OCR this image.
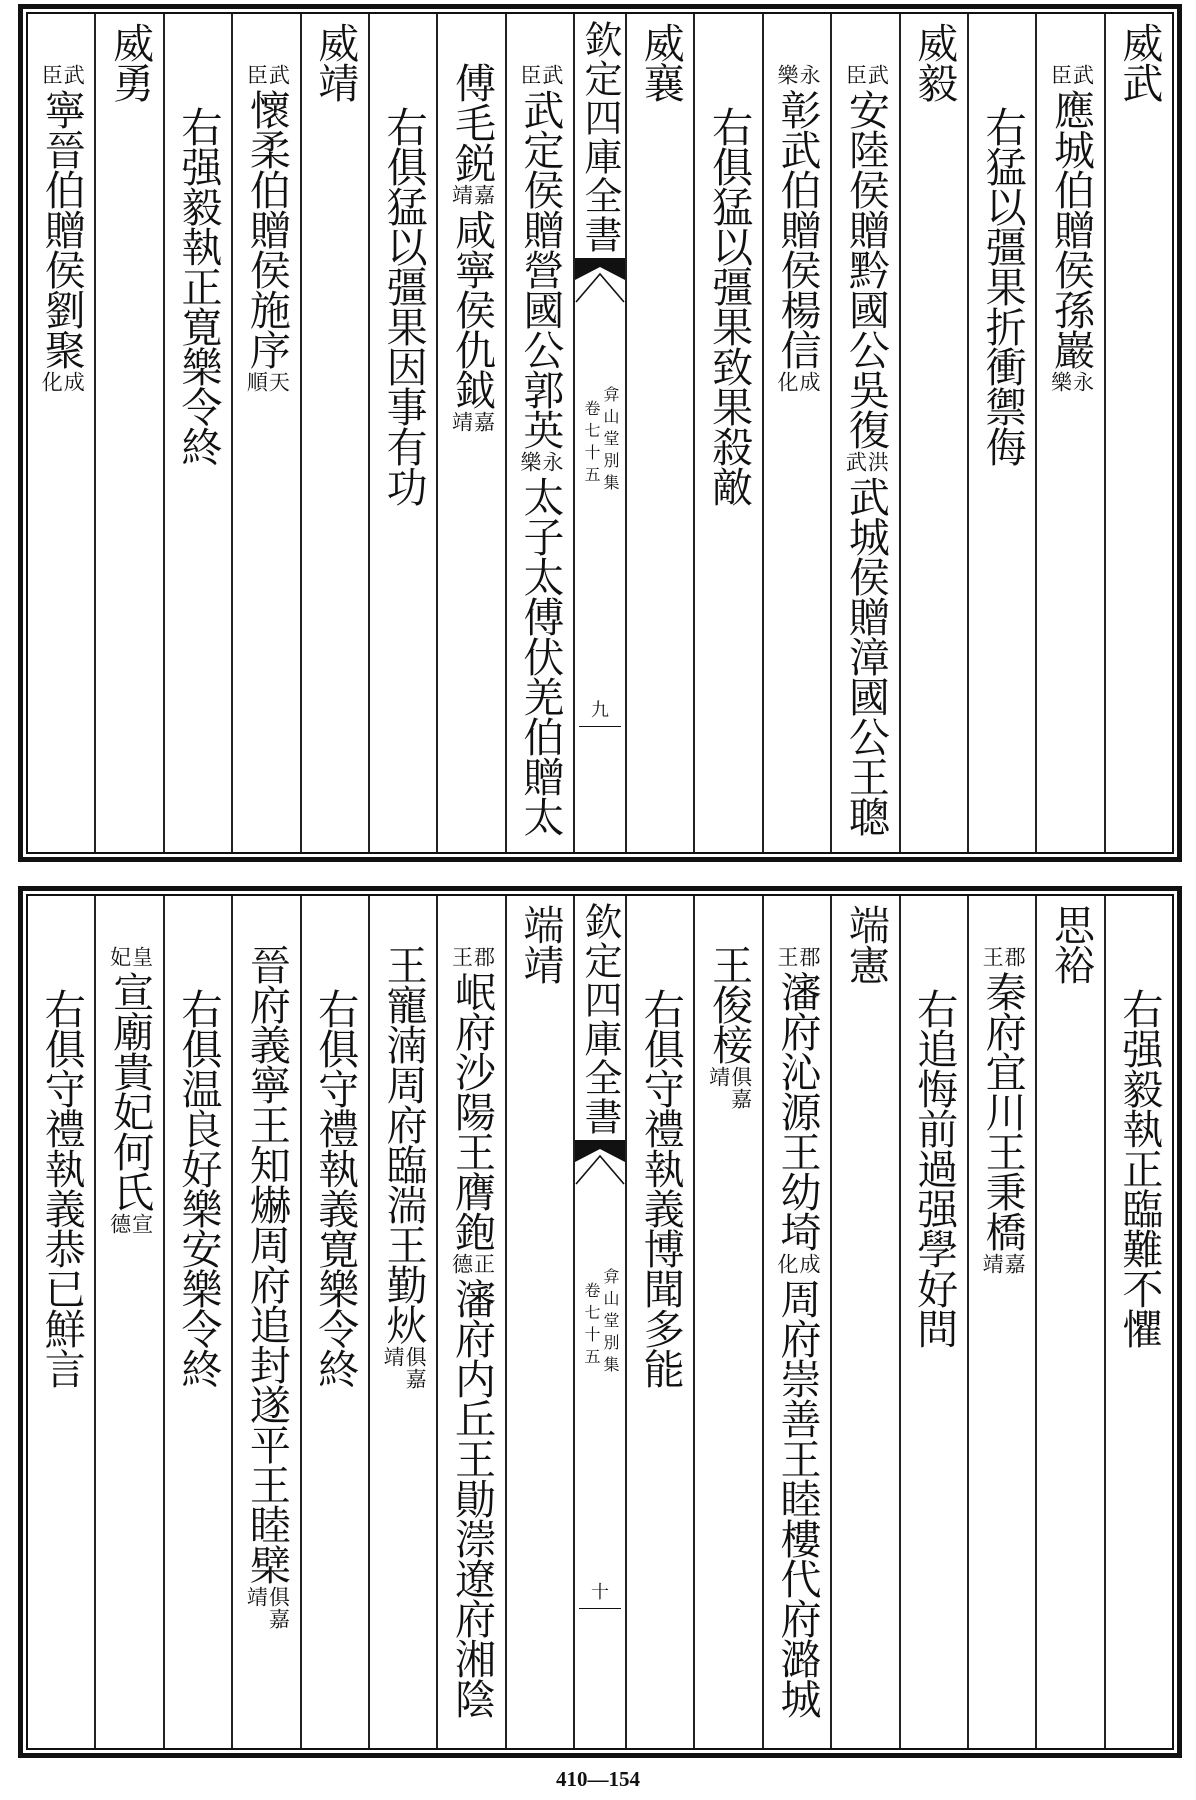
威武
武
臣
應城伯贈侯孫巖
永
樂
右猛以彊果折衝禦侮
威毅
武
臣
安陸侯贈黔國公吳復
洪
武
武城侯贈漳國公王聰
永
樂
彰武伯贈侯楊信
成
化
右俱猛以彊果致果殺敵
威襄
欽定四庫全書
弇山堂別集
卷七十五
九
武
臣
武定侯贈營國公郭英
永
樂
太子太傅伏羌伯贈太
傅毛鋭
嘉
靖
咸寧侯仇鉞
嘉
靖
右俱猛以彊果因事有功
威靖
武
臣
懷柔伯贈侯施序
天
順
右强毅執正寛樂令終
威勇
武
臣
寧晉伯贈侯劉聚
成
化
右强毅執正臨難不懼
思裕
郡
王
秦府宜川王秉橋
嘉
靖
右追悔前過强學好問
端憲
郡
王
瀋府沁源王幼埼
成
化
周府崇善王睦樓代府潞城
王俊椄
俱嘉
靖
右俱守禮執義博聞多能
欽定四庫全書
弇山堂別集
卷七十五
十
端靖
郡
王
岷府沙陽王膺鉋
正
德
瀋府内丘王勛漴遼府湘陰
王寵湳周府臨湍王勤炏
俱嘉
靖
右俱守禮執義寛樂令終
晉府義寧王知爀周府追封遂平王睦檗
俱嘉
靖
右俱温良好樂安樂令終
皇
妃
宣廟貴妃何氏
宣
德
右俱守禮執義恭已鮮言
410—154
